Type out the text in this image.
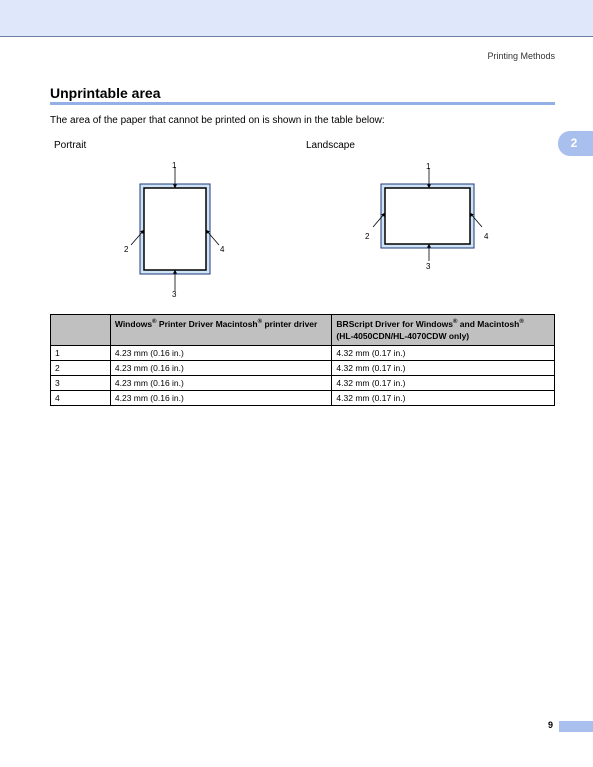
Printing Methods
Unprintable area
The area of the paper that cannot be printed on is shown in the table below:
2
Portrait	Landscape
1
2
3
4
1
2
3
4
	Windows® Printer Driver Macintosh® printer driver	BRScript Driver for Windows® and Macintosh®
(HL-4050CDN/HL-4070CDW only)
1	4.23 mm (0.16 in.)	4.32 mm (0.17 in.)
2	4.23 mm (0.16 in.)	4.32 mm (0.17 in.)
3	4.23 mm (0.16 in.)	4.32 mm (0.17 in.)
4	4.23 mm (0.16 in.)	4.32 mm (0.17 in.)
9
